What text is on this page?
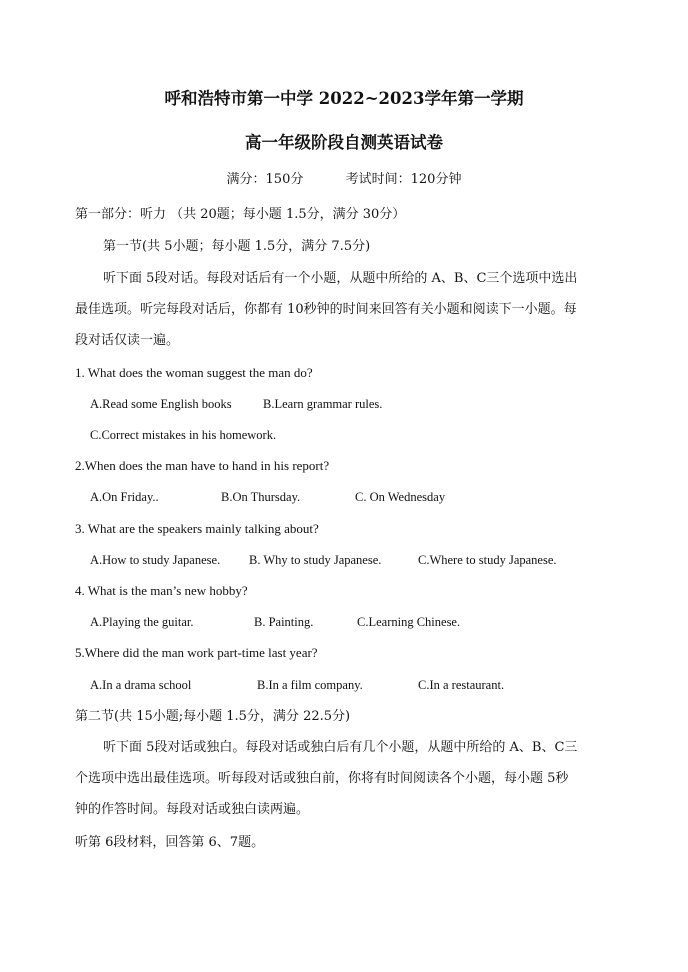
呼和浩特市第一中学 2022~2023学年第一学期
高一年级阶段自测英语试卷
满分：150分	考试时间：120分钟
第一部分：听力 （共 20题；每小题 1.5分，满分 30分）
第一节(共 5小题；每小题 1.5分，满分 7.5分)
听下面 5段对话。每段对话后有一个小题，从题中所给的 A、B、C三个选项中选出
最佳选项。听完每段对话后，你都有 10秒钟的时间来回答有关小题和阅读下一小题。每
段对话仅读一遍。
1. What does the woman suggest the man do?
A.Read some English books	B.Learn grammar rules.
C.Correct mistakes in his homework.
2.When does the man have to hand in his report?
A.On Friday..	B.On Thursday.	C. On Wednesday
3. What are the speakers mainly talking about?
A.How to study Japanese. B. Why to study Japanese.	C.Where to study Japanese.
4. What is the man’s new hobby?
A.Playing the guitar.	B. Painting.	C.Learning Chinese.
5.Where did the man work part-time last year?
A.In a drama school	B.In a film company.	C.In a restaurant.
第二节(共 15小题;每小题 1.5分，满分 22.5分)
听下面 5段对话或独白。每段对话或独白后有几个小题，从题中所给的 A、B、C三
个选项中选出最佳选项。听每段对话或独白前，你将有时间阅读各个小题，每小题 5秒
钟的作答时间。每段对话或独白读两遍。
听第 6段材料，回答第 6、7题。
